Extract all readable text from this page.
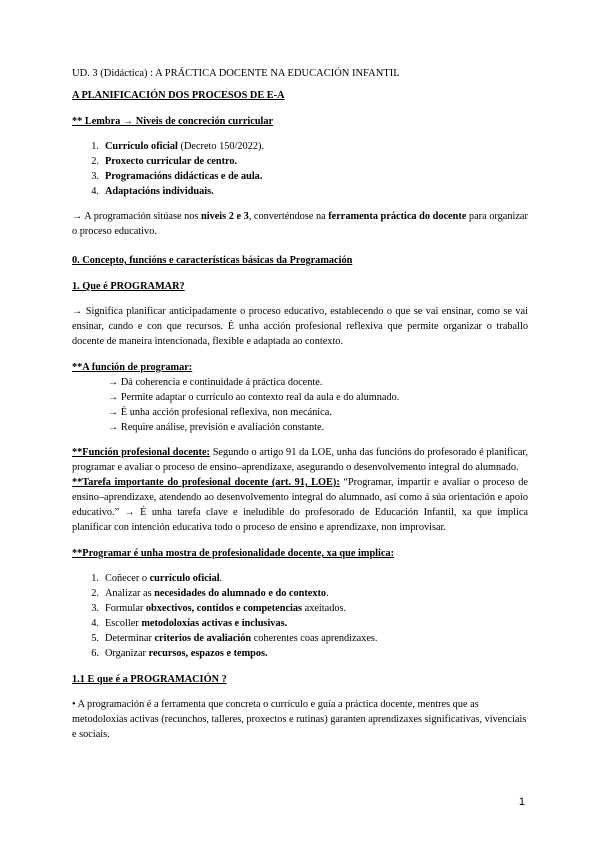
UD. 3 (Didáctica) : A PRÁCTICA DOCENTE NA EDUCACIÓN INFANTIL

A PLANIFICACIÓN DOS PROCESOS DE E-A

** Lembra → Niveis de concreción curricular

1. Currículo oficial (Decreto 150/2022).
2. Proxecto curricular de centro.
3. Programacións didácticas e de aula.
4. Adaptacións individuais.

→ A programación sitúase nos niveis 2 e 3, converténdose na ferramenta práctica do docente para organizar o proceso educativo.

0. Concepto, funcións e características básicas da Programación

1. Que é PROGRAMAR?

→ Significa planificar anticipadamente o proceso educativo, establecendo o que se vai ensinar, como se vai ensinar, cando e con que recursos. É unha acción profesional reflexiva que permite organizar o traballo docente de maneira intencionada, flexible e adaptada ao contexto.

**A función de programar:

→ Dá coherencia e continuidade á práctica docente.
→ Permite adaptar o currículo ao contexto real da aula e do alumnado.
→ É unha acción profesional reflexiva, non mecánica.
→ Require análise, previsión e avaliación constante.

**Función profesional docente: Segundo o artigo 91 da LOE, unha das funcións do profesorado é planificar, programar e avaliar o proceso de ensino–aprendizaxe, asegurando o desenvolvemento integral do alumnado.

**Tarefa importante do profesional docente (art. 91, LOE): “Programar, impartir e avaliar o proceso de ensino–aprendizaxe, atendendo ao desenvolvemento integral do alumnado, así como á súa orientación e apoio educativo.” → É unha tarefa clave e ineludible do profesorado de Educación Infantil, xa que implica planificar con intención educativa todo o proceso de ensino e aprendizaxe, non improvisar.

**Programar é unha mostra de profesionalidade docente, xa que implica:

1. Coñecer o currículo oficial.
2. Analizar as necesidades do alumnado e do contexto.
3. Formular obxectivos, contidos e competencias axeitados.
4. Escoller metodoloxías activas e inclusivas.
5. Determinar criterios de avaliación coherentes coas aprendizaxes.
6. Organizar recursos, espazos e tempos.

1.1 E que é a PROGRAMACIÓN ?

• A programación é a ferramenta que concreta o currículo e guía a práctica docente, mentres que as metodoloxías activas (recunchos, talleres, proxectos e rutinas) garanten aprendizaxes significativas, vivenciais e sociais.

1
